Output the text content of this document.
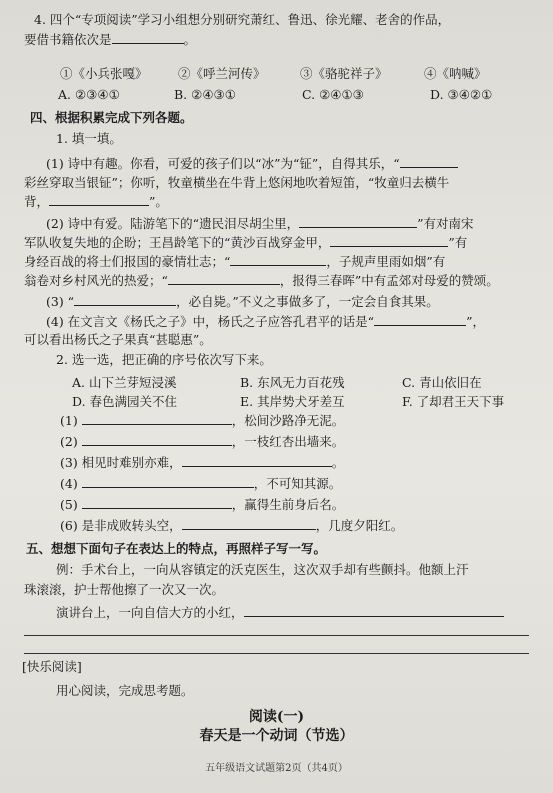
4. 四个“专项阅读”学习小组想分别研究萧红、鲁迅、徐光耀、老舍的作品，
要借书籍依次是	。
①《小兵张嘎》 ②《呼兰河传》	③《骆驼祥子》	④《呐喊》
A. ②③④①	B. ②④③①	C. ②④①③	D. ③④②①
四、根据积累完成下列各题。
1. 填一填。
(1) 诗中有趣。你看，可爱的孩子们以“冰”为“钲”，自得其乐，“
彩丝穿取当银钲”；你听，牧童横坐在牛背上悠闲地吹着短笛，“牧童归去横牛
背，	”。
(2) 诗中有爱。陆游笔下的“遗民泪尽胡尘里，	”有对南宋
军队收复失地的企盼；王昌龄笔下的“黄沙百战穿金甲，	”有
身经百战的将士们报国的豪情壮志；“	，子规声里雨如烟”有
翁卷对乡村风光的热爱；“	，报得三春晖”中有孟郊对母爱的赞颂。
(3) “	，必自毙。”不义之事做多了，一定会自食其果。
(4) 在文言文《杨氏之子》中，杨氏之子应答孔君平的话是“	”，
可以看出杨氏之子果真“甚聪惠”。
2. 选一选，把正确的序号依次写下来。
A. 山下兰芽短浸溪	B. 东风无力百花残	C. 青山依旧在
D. 春色满园关不住	E. 其岸势犬牙差互	F. 了却君王天下事
(1)	，松间沙路净无泥。
(2)	，一枝红杏出墙来。
(3) 相见时难别亦难，	。
(4)	，不可知其源。
(5)	，赢得生前身后名。
(6) 是非成败转头空，	，几度夕阳红。
五、想想下面句子在表达上的特点，再照样子写一写。
例：手术台上，一向从容镇定的沃克医生，这次双手却有些颤抖。他额上汗
珠滚滚，护士帮他擦了一次又一次。
演讲台上，一向自信大方的小红，
[快乐阅读]
用心阅读，完成思考题。
阅读(一)
春天是一个动词（节选）
五年级语文试题第2页（共4页）
